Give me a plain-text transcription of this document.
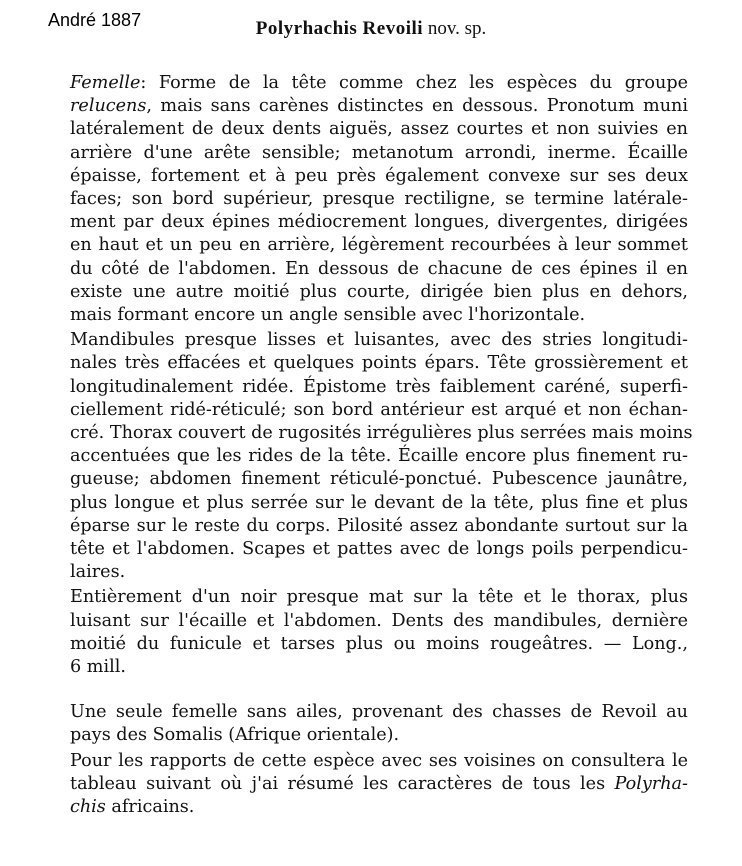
André 1887	Polyrhachis Revoili nov. sp.
Femelle: Forme de la tête comme chez les espèces du groupe
relucens, mais sans carènes distinctes en dessous. Pronotum muni
latéralement de deux dents aiguës, assez courtes et non suivies en
arrière d'une arête sensible; metanotum arrondi, inerme. Écaille
épaisse, fortement et à peu près également convexe sur ses deux
faces; son bord supérieur, presque rectiligne, se termine latérale-
ment par deux épines médiocrement longues, divergentes, dirigées
en haut et un peu en arrière, légèrement recourbées à leur sommet
du côté de l'abdomen. En dessous de chacune de ces épines il en
existe une autre moitié plus courte, dirigée bien plus en dehors,
mais formant encore un angle sensible avec l'horizontale.
Mandibules presque lisses et luisantes, avec des stries longitudi-
nales très effacées et quelques points épars. Tête grossièrement et
longitudinalement ridée. Épistome très faiblement caréné, superfi-
ciellement ridé-réticulé; son bord antérieur est arqué et non échan-
cré. Thorax couvert de rugosités irrégulières plus serrées mais moins
accentuées que les rides de la tête. Écaille encore plus finement ru-
gueuse; abdomen finement réticulé-ponctué. Pubescence jaunâtre,
plus longue et plus serrée sur le devant de la tête, plus fine et plus
éparse sur le reste du corps. Pilosité assez abondante surtout sur la
tête et l'abdomen. Scapes et pattes avec de longs poils perpendicu-
laires.
Entièrement d'un noir presque mat sur la tête et le thorax, plus
luisant sur l'écaille et l'abdomen. Dents des mandibules, dernière
moitié du funicule et tarses plus ou moins rougeâtres. — Long.,
6 mill.
Une seule femelle sans ailes, provenant des chasses de Revoil au
pays des Somalis (Afrique orientale).
Pour les rapports de cette espèce avec ses voisines on consultera le
tableau suivant où j'ai résumé les caractères de tous les Polyrha-
chis africains.
